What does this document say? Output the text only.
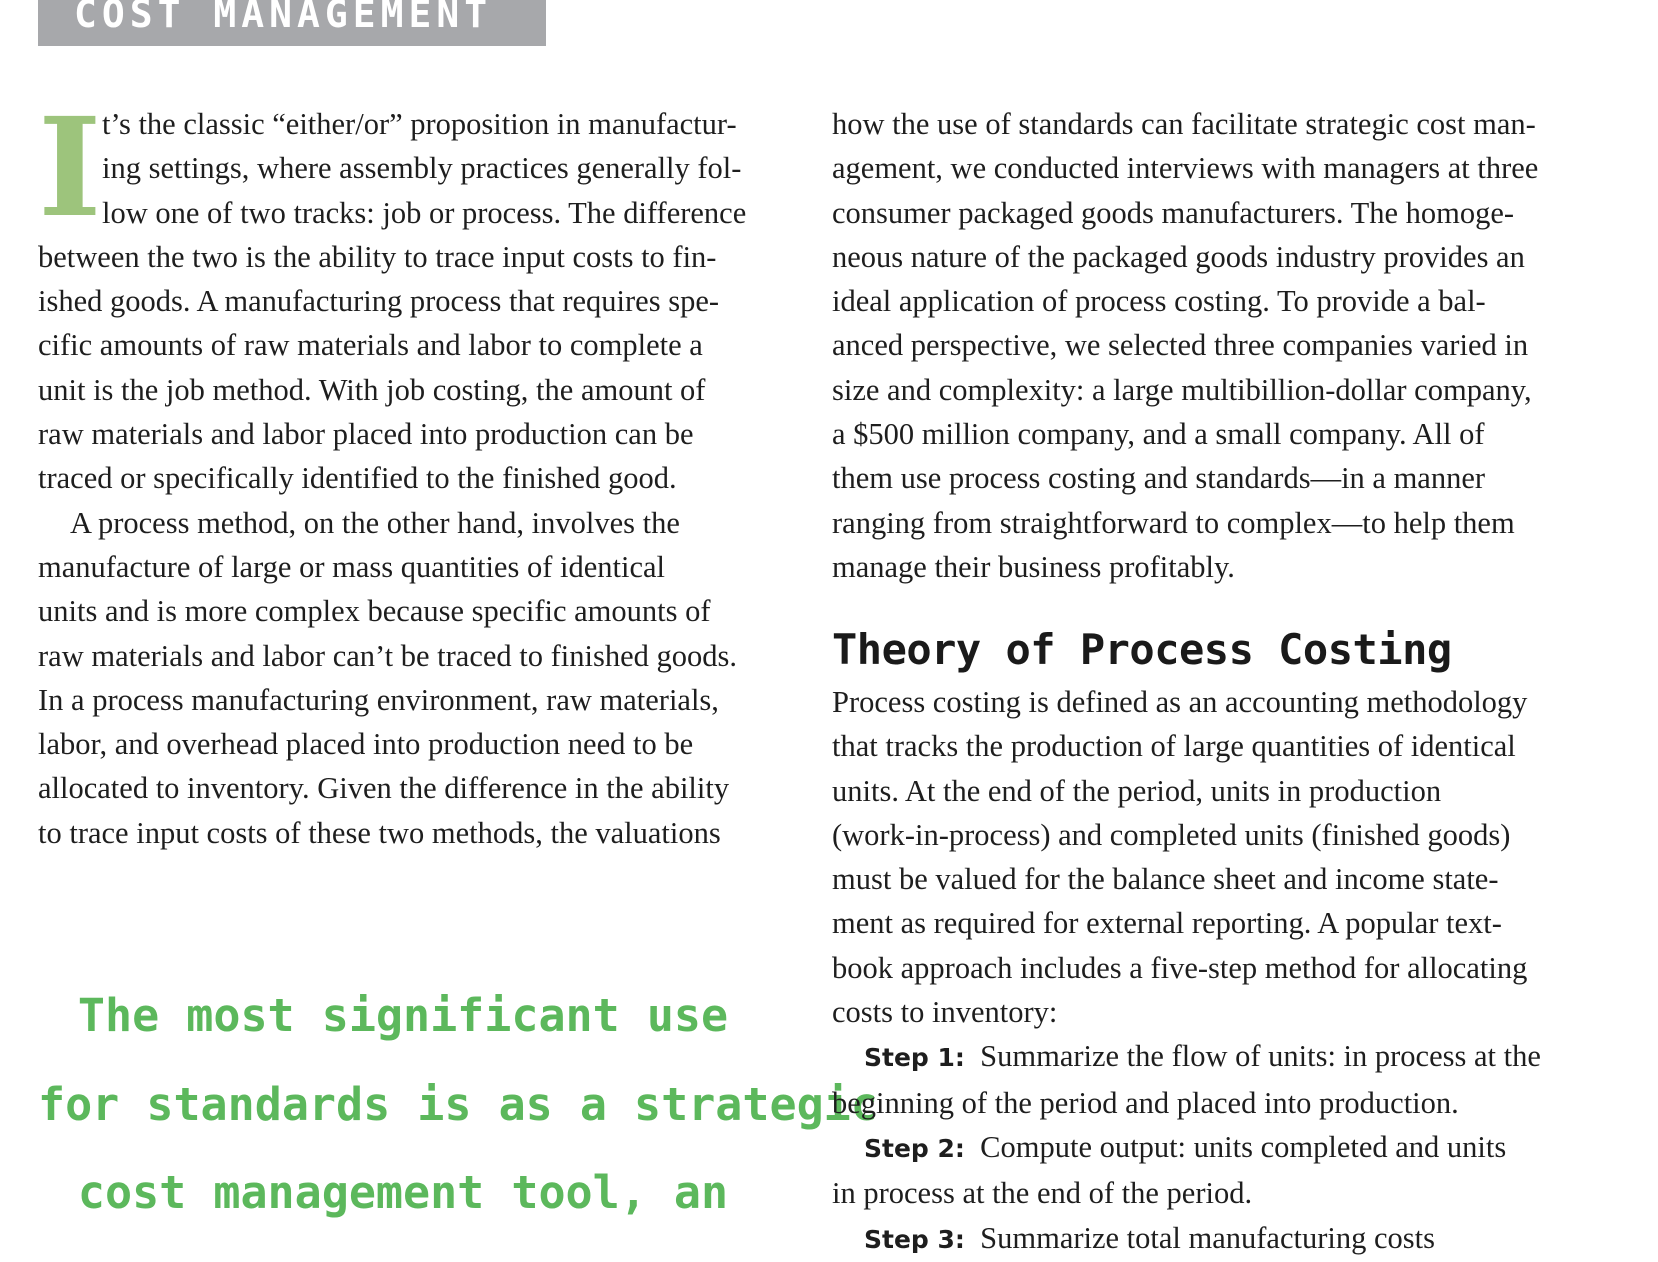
COST MANAGEMENT
I t’s the classic “either/or” proposition in manufactur-

ing settings, where assembly practices generally fol-

low one of two tracks: job or process. The difference

between the two is the ability to trace input costs to fin-

ished goods. A manufacturing process that requires spe-

cific amounts of raw materials and labor to complete a

unit is the job method. With job costing, the amount of

raw materials and labor placed into production can be

traced or specifically identified to the finished good.

A process method, on the other hand, involves the

manufacture of large or mass quantities of identical

units and is more complex because specific amounts of

raw materials and labor can’t be traced to finished goods.

In a process manufacturing environment, raw materials,

labor, and overhead placed into production need to be

allocated to inventory. Given the difference in the ability

to trace input costs of these two methods, the valuations

The most significant use
for standards is as a strategic
cost management tool, an

how the use of standards can facilitate strategic cost man-

agement, we conducted interviews with managers at three

consumer packaged goods manufacturers. The homoge-

neous nature of the packaged goods industry provides an

ideal application of process costing. To provide a bal-

anced perspective, we selected three companies varied in

size and complexity: a large multibillion-dollar company,

a $500 million company, and a small company. All of

them use process costing and standards—in a manner

ranging from straightforward to complex—to help them

manage their business profitably.

Theory of Process Costing

Process costing is defined as an accounting methodology

that tracks the production of large quantities of identical

units. At the end of the period, units in production

(work-in-process) and completed units (finished goods)

must be valued for the balance sheet and income state-

ment as required for external reporting. A popular text-

book approach includes a five-step method for allocating

costs to inventory:

Step 1: Summarize the flow of units: in process at the

beginning of the period and placed into production.

Step 2: Compute output: units completed and units

in process at the end of the period.

Step 3: Summarize total manufacturing costs
